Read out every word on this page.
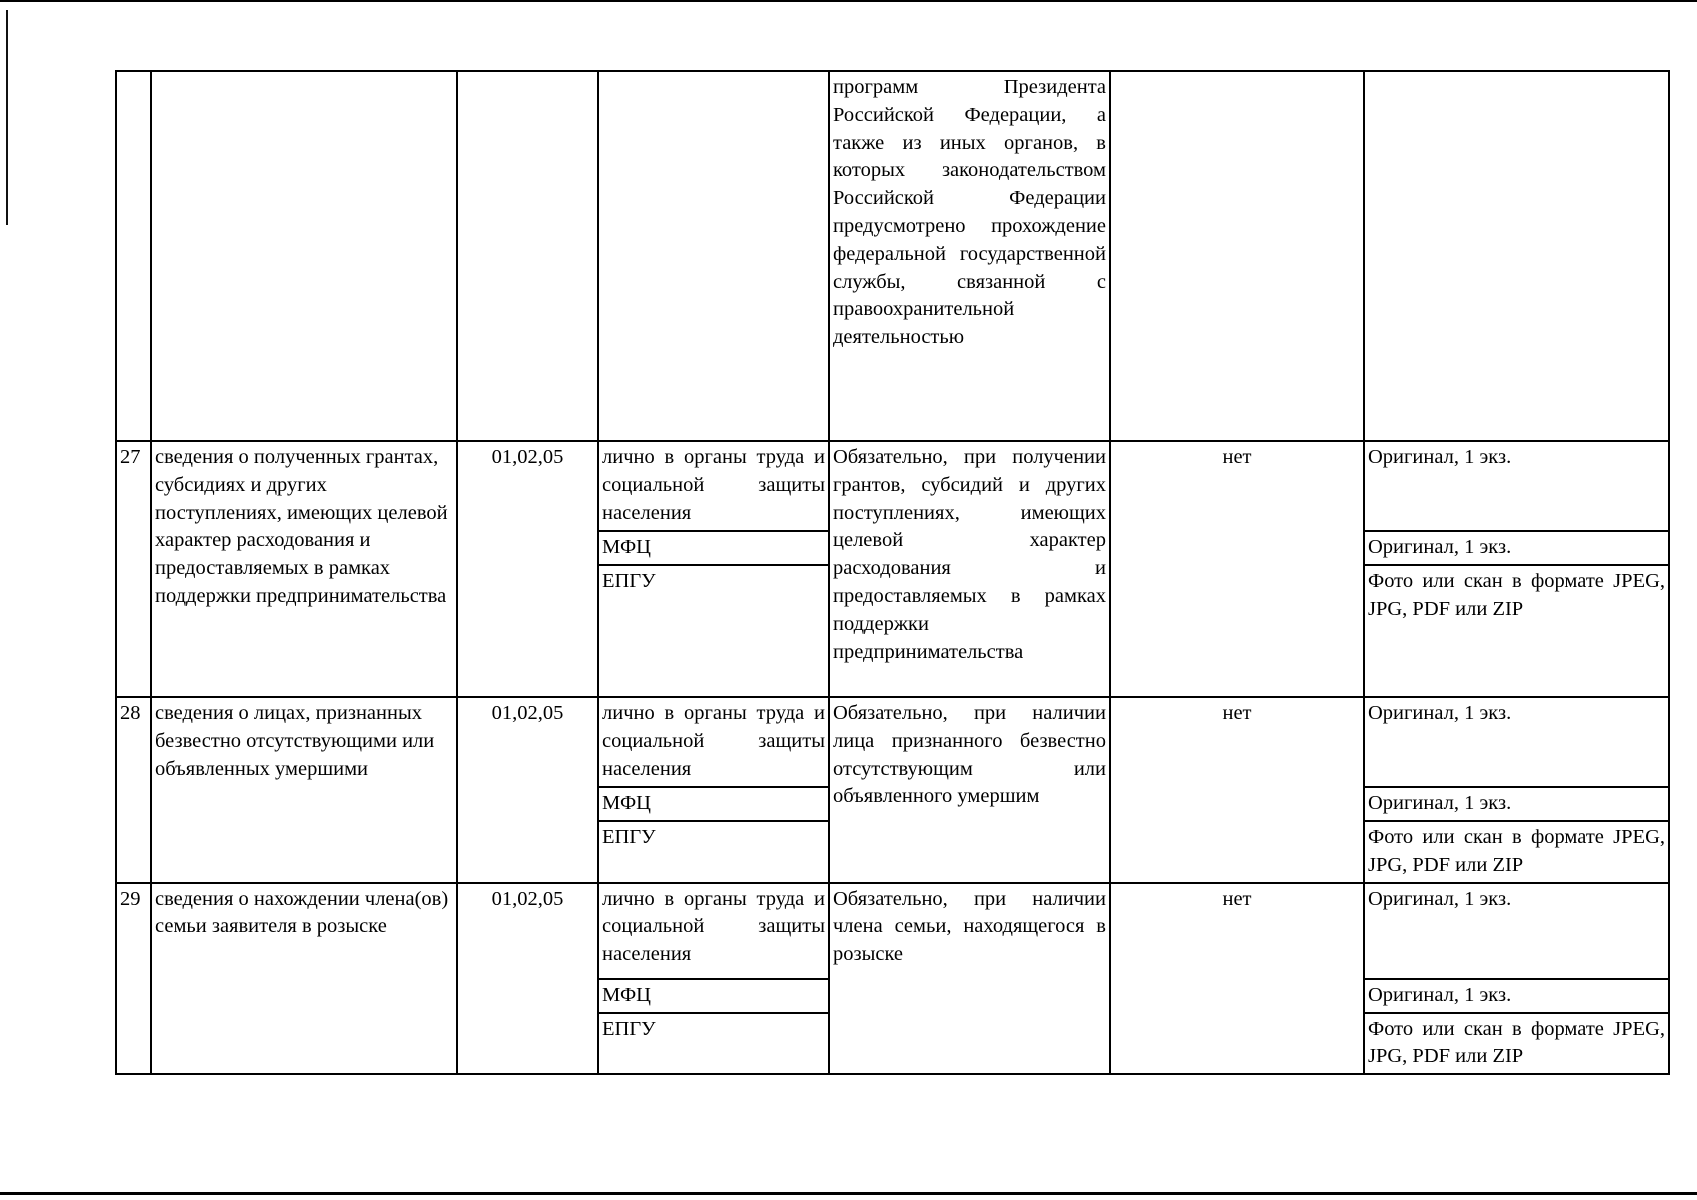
				программ Президента Российской Федерации, а также из иных органов, в которых законодательством Российской Федерации предусмотрено прохождение федеральной государственной службы, связанной с правоохранительной деятельностью		
27	сведения о полученных грантах, субсидиях и других поступлениях, имеющих целевой характер расходования и предоставляемых в рамках поддержки предпринимательства	01,02,05	лично в органы труда и социальной защиты населения	Обязательно, при получении грантов, субсидий и других поступлениях, имеющих целевой характер расходования и предоставляемых в рамках поддержки предпринимательства	нет	Оригинал, 1 экз.
			МФЦ			Оригинал, 1 экз.
			ЕПГУ			Фото или скан в формате JPEG, JPG, PDF или ZIP
28	сведения о лицах, признанных безвестно отсутствующими или объявленных умершими	01,02,05	лично в органы труда и социальной защиты населения	Обязательно, при наличии лица признанного безвестно отсутствующим или объявленного умершим	нет	Оригинал, 1 экз.
			МФЦ			Оригинал, 1 экз.
			ЕПГУ			Фото или скан в формате JPEG, JPG, PDF или ZIP
29	сведения о нахождении члена(ов) семьи заявителя в розыске	01,02,05	лично в органы труда и социальной защиты населения	Обязательно, при наличии члена семьи, находящегося в розыске	нет	Оригинал, 1 экз.
			МФЦ			Оригинал, 1 экз.
			ЕПГУ			Фото или скан в формате JPEG, JPG, PDF или ZIP
